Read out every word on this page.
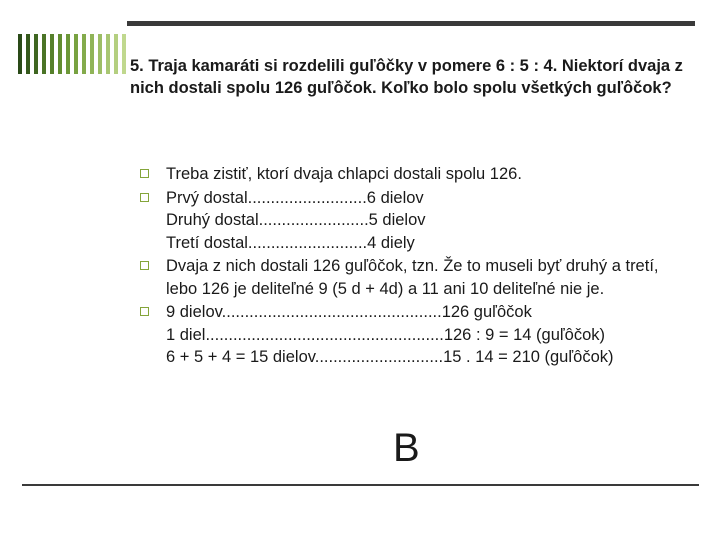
5. Traja kamaráti si rozdelili guľôčky v pomere 6 : 5 : 4. Niektorí dvaja z nich dostali spolu 126 guľôčok. Koľko bolo spolu všetkých guľôčok?

Treba zistiť, ktorí dvaja chlapci dostali spolu 126.
Prvý dostal..........................6 dielov
Druhý dostal........................5 dielov
Tretí dostal..........................4 diely
Dvaja z nich dostali 126 guľôčok, tzn. Že to museli byť druhý a tretí, lebo 126 je deliteľné 9 (5 d + 4d) a 11 ani 10 deliteľné nie je.
9 dielov................................................126 guľôčok
1 diel....................................................126 : 9 = 14 (guľôčok)
6 + 5 + 4 = 15 dielov............................15 . 14 = 210 (guľôčok)
B
